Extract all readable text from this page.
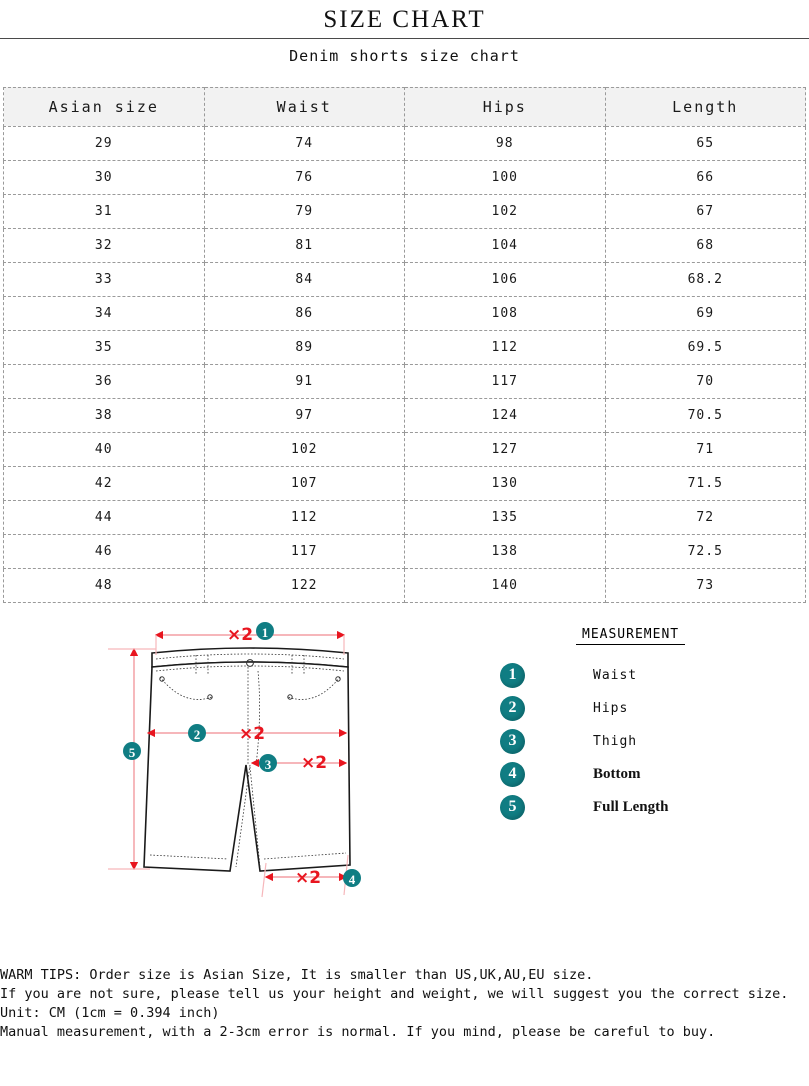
SIZE CHART
Denim shorts size chart
Asian size	Waist	Hips	Length
29	74	98	65
30	76	100	66
31	79	102	67
32	81	104	68
33	84	106	68.2
34	86	108	69
35	89	112	69.5
36	91	117	70
38	97	124	70.5
40	102	127	71
42	107	130	71.5
44	112	135	72
46	117	138	72.5
48	122	140	73
×2
×2
×2
×2
1
2
3
4
5
MEASUREMENT
1	Waist
2	Hips
3	Thigh
4	Bottom
5	Full Length
WARM TIPS: Order size is Asian Size, It is smaller than US,UK,AU,EU size.
If you are not sure, please tell us your height and weight, we will suggest you the correct size.
Unit: CM (1cm = 0.394 inch)
Manual measurement, with a 2-3cm error is normal. If you mind, please be careful to buy.
